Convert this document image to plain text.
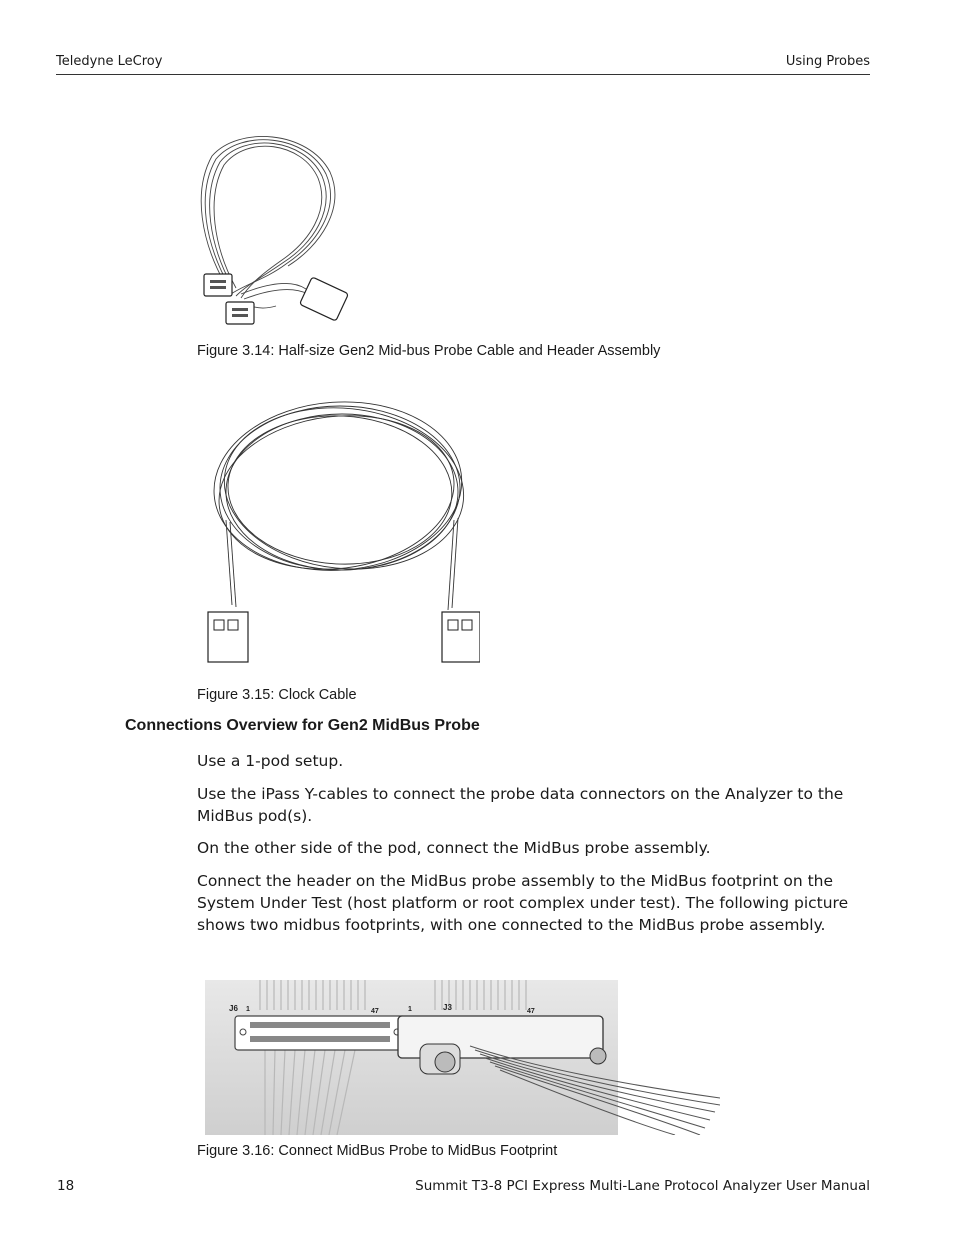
Teledyne LeCroy	Using Probes
Figure 3.14: Half-size Gen2 Mid-bus Probe Cable and Header Assembly
Figure 3.15: Clock Cable
Connections Overview for Gen2 MidBus Probe
Use a 1-pod setup.
Use the iPass Y-cables to connect the probe data connectors on the Analyzer to the MidBus pod(s).
On the other side of the pod, connect the MidBus probe assembly.
Connect the header on the MidBus probe assembly to the MidBus footprint on the System Under Test (host platform or root complex under test). The following picture shows two midbus footprints, with one connected to the MidBus probe assembly.
J6 1	47	1	J3	47
Figure 3.16: Connect MidBus Probe to MidBus Footprint
18	Summit T3-8 PCI Express Multi-Lane Protocol Analyzer User Manual
